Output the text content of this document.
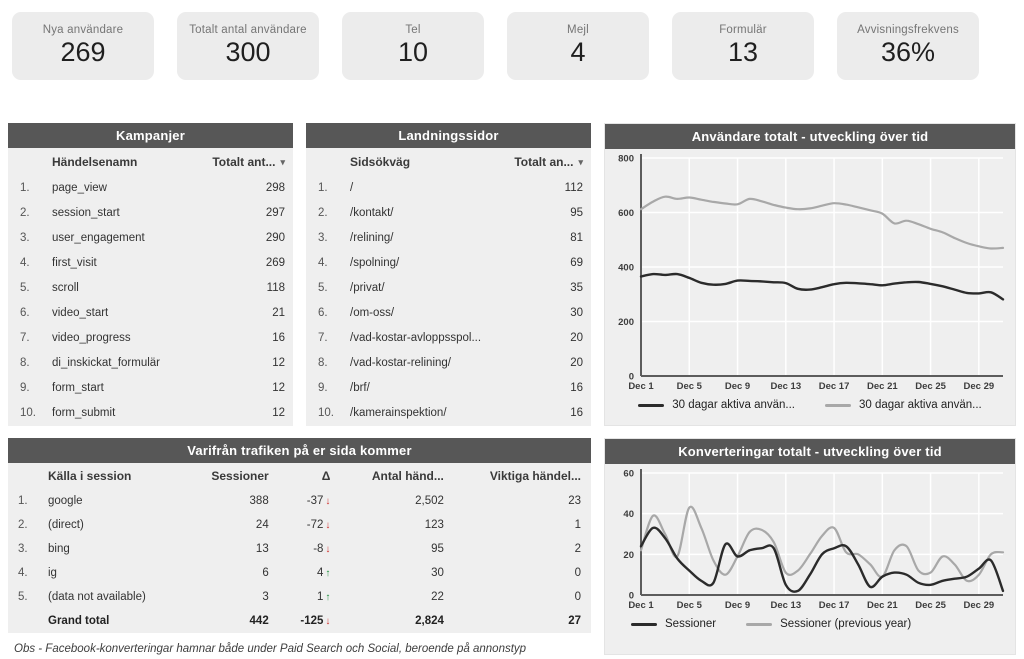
Nya användare
269
Totalt antal användare
300
Tel
10
Mejl
4
Formulär
13
Avvisningsfrekvens
36%
Kampanjer
	Händelsenamn	Totalt ant... ▾
1.	page_view	298
2.	session_start	297
3.	user_engagement	290
4.	first_visit	269
5.	scroll	118
6.	video_start	21
7.	video_progress	16
8.	di_inskickat_formulär	12
9.	form_start	12
10.	form_submit	12
Landningssidor
	Sidsökväg	Totalt an... ▾
1.	/	112
2.	/kontakt/	95
3.	/relining/	81
4.	/spolning/	69
5.	/privat/	35
6.	/om-oss/	30
7.	/vad-kostar-avloppsspol...	20
8.	/vad-kostar-relining/	20
9.	/brf/	16
10.	/kamerainspektion/	16
Användare totalt - utveckling över tid
0
200
400
600
800
Dec 1 Dec 5 Dec 9 Dec 13 Dec 17 Dec 21 Dec 25 Dec 29
30 dagar aktiva använ...	30 dagar aktiva använ...
Varifrån trafiken på er sida kommer
	Källa i session	Sessioner	Δ	Antal händ...	Viktiga händel...
1.	google	388	-37 ↓	2,502	23
2.	(direct)	24	-72 ↓	123	1
3.	bing	13	-8 ↓	95	2
4.	ig	6	4 ↑	30	0
5.	(data not available)	3	1 ↑	22	0
	Grand total	442	-125 ↓	2,824	27
Obs - Facebook-konverteringar hamnar både under Paid Search och Social, beroende på annonstyp
Konverteringar totalt - utveckling över tid
0
20
40
60
Dec 1 Dec 5 Dec 9 Dec 13 Dec 17 Dec 21 Dec 25 Dec 29
Sessioner	Sessioner (previous year)
